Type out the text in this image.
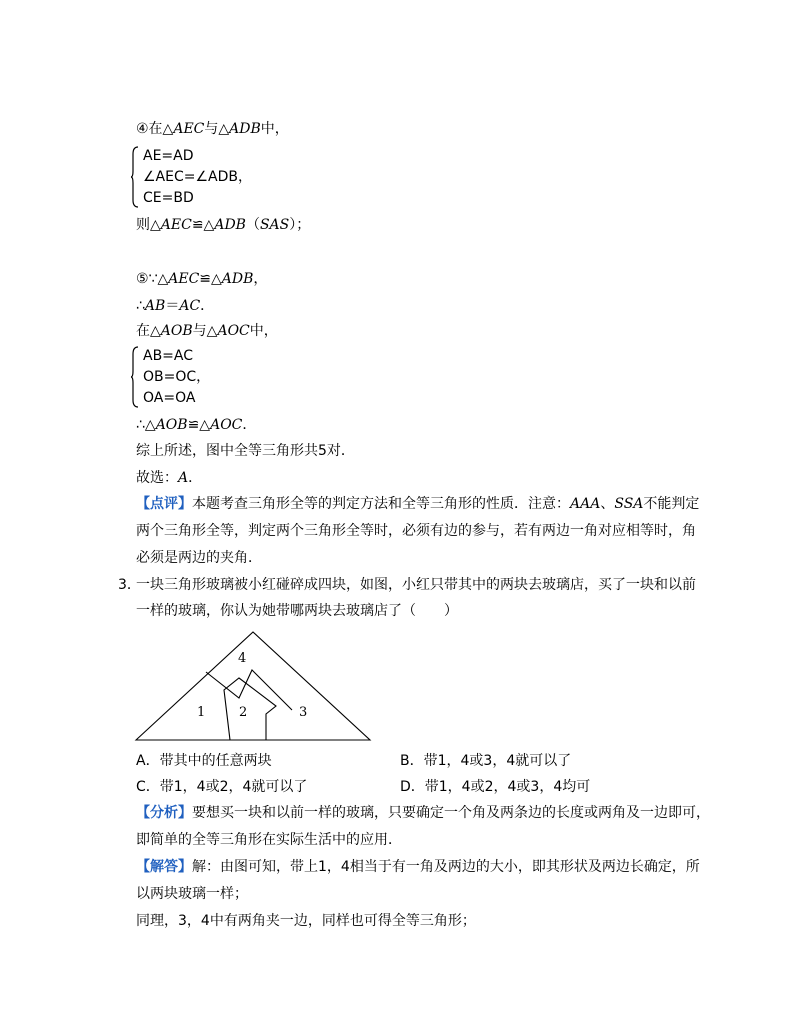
④在△AEC与△ADB中，
AE=AD
∠AEC=∠ADB，
CE=BD
则△AEC≌△ADB（SAS）；
⑤∵△AEC≌△ADB，
∴AB＝AC．
在△AOB与△AOC中，
AB=AC
OB=OC，
OA=OA
∴△AOB≌△AOC．
综上所述，图中全等三角形共5对．
故选：A．
【点评】本题考查三角形全等的判定方法和全等三角形的性质．注意：AAA、SSA不能判定
两个三角形全等，判定两个三角形全等时，必须有边的参与，若有两边一角对应相等时，角
必须是两边的夹角．
3．
一块三角形玻璃被小红碰碎成四块，如图，小红只带其中的两块去玻璃店，买了一块和以前
一样的玻璃，你认为她带哪两块去玻璃店了（　　）
4
1	2	3
A．带其中的任意两块	B．带1，4或3，4就可以了
C．带1，4或2，4就可以了	D．带1，4或2，4或3，4均可
【分析】要想买一块和以前一样的玻璃，只要确定一个角及两条边的长度或两角及一边即可，
即简单的全等三角形在实际生活中的应用．
【解答】解：由图可知，带上1，4相当于有一角及两边的大小，即其形状及两边长确定，所
以两块玻璃一样；
同理，3，4中有两角夹一边，同样也可得全等三角形；
